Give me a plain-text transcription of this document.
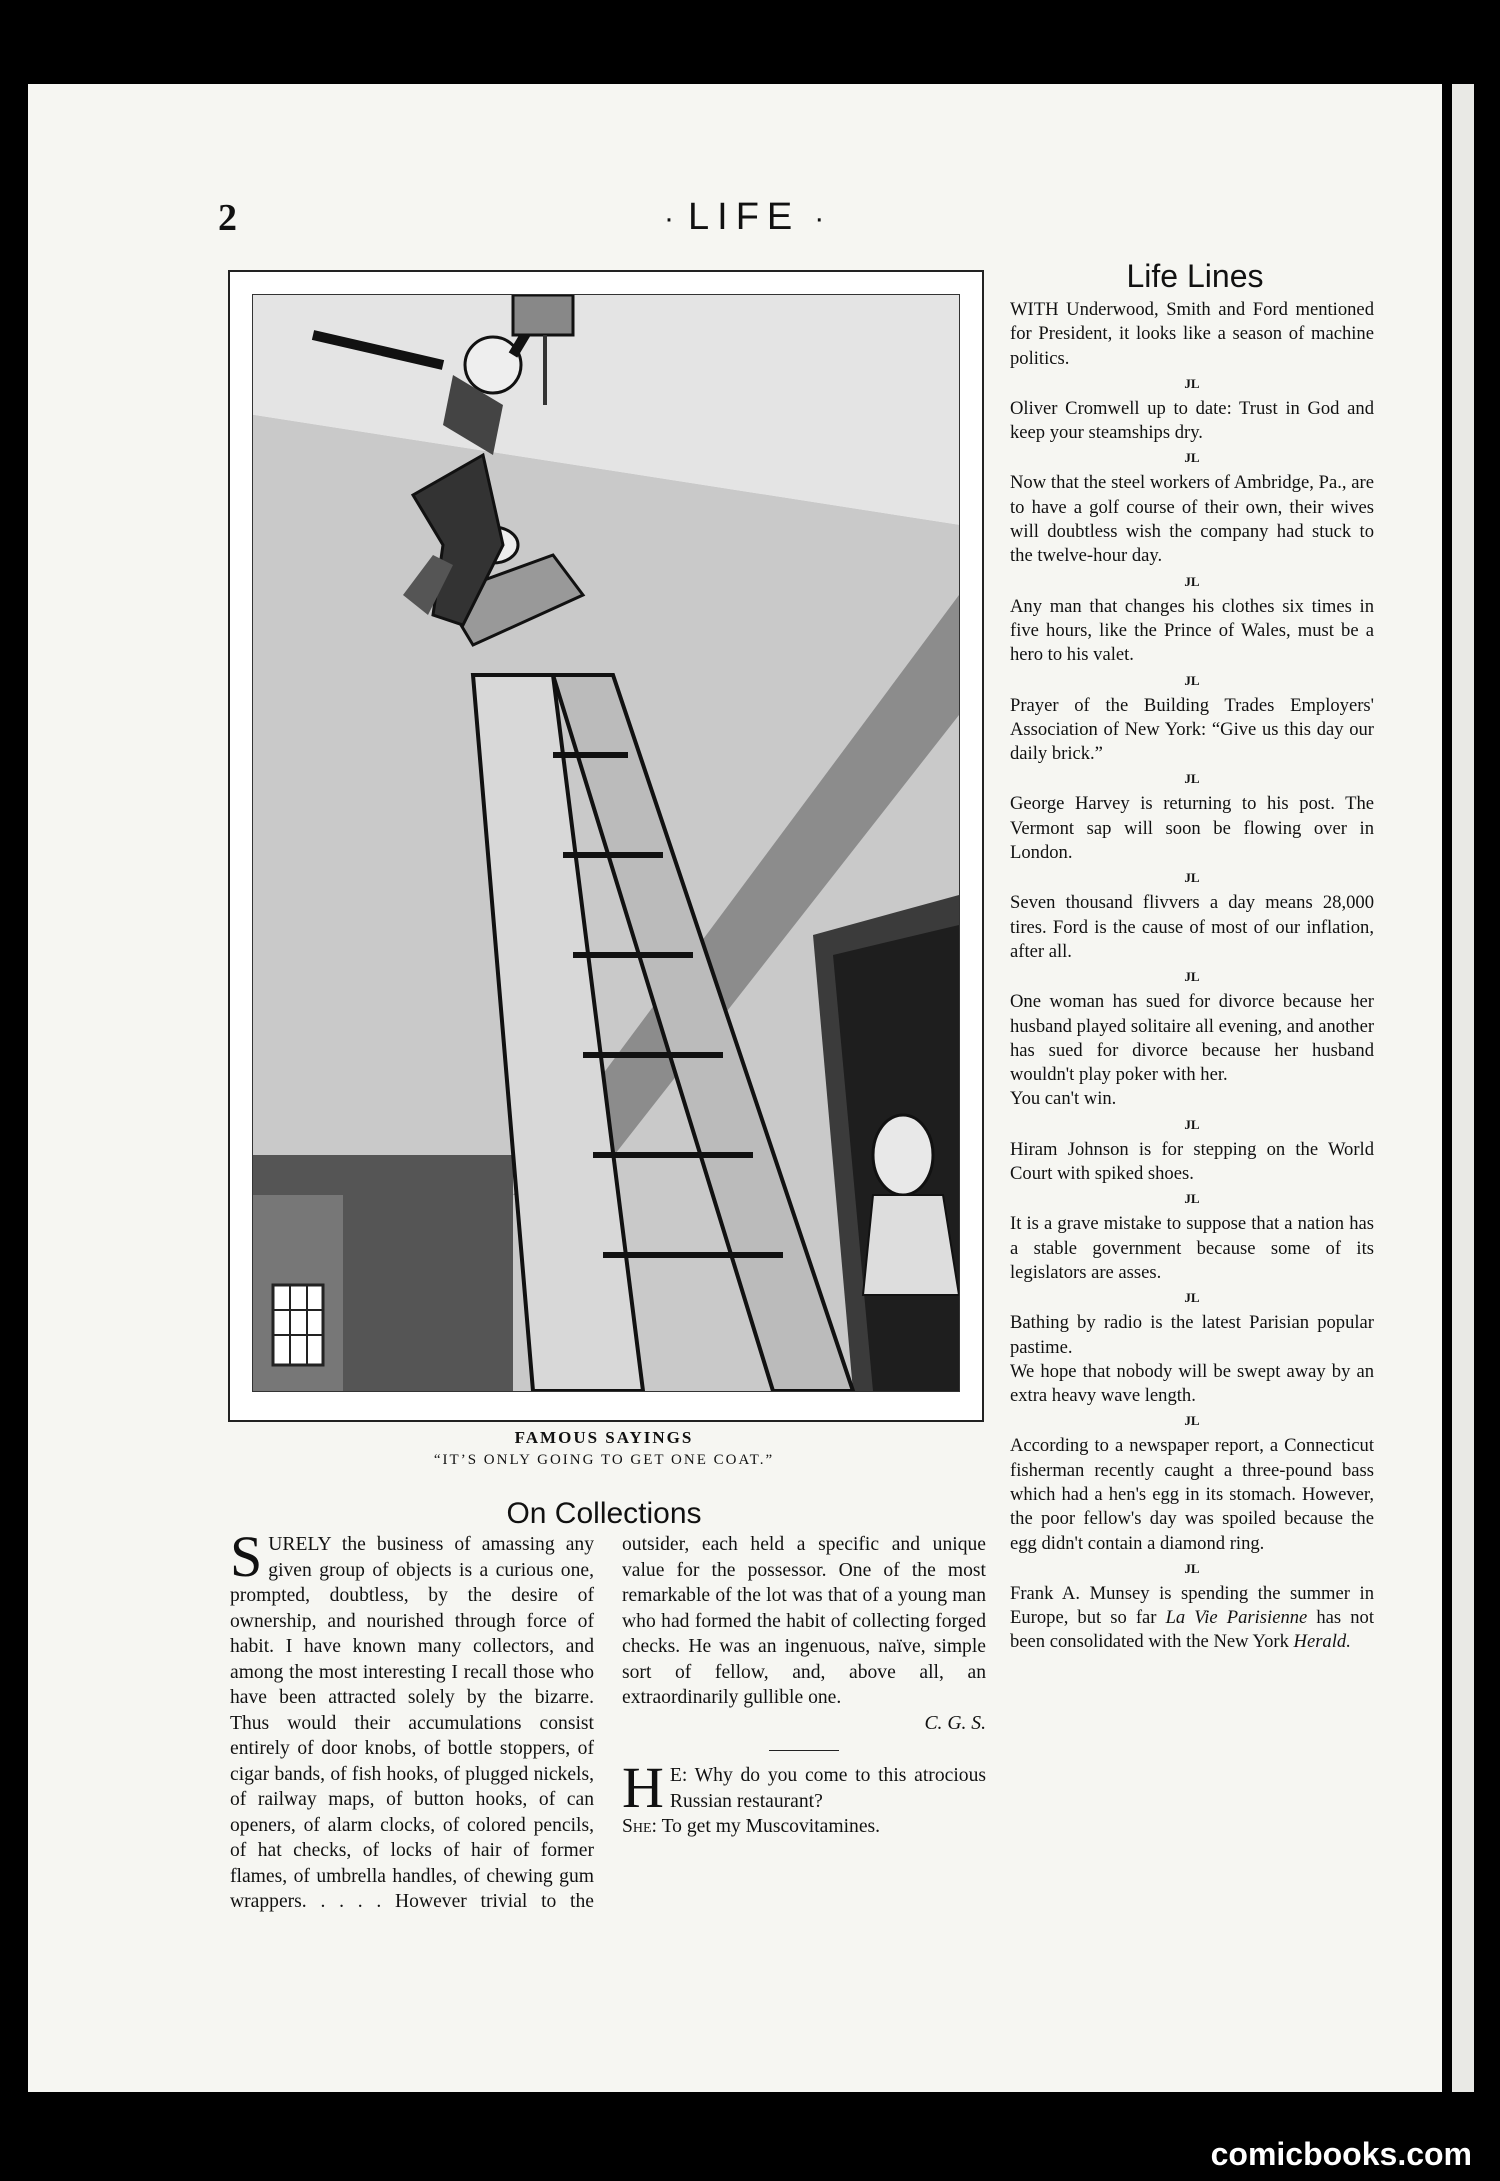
2	· LIFE ·
FAMOUS SAYINGS
“IT’S ONLY GOING TO GET ONE COAT.”
On Collections

SURELY the business of amassing any given group of objects is a curious one, prompted, doubtless, by the desire of ownership, and nourished through force of habit. I have known many collectors, and among the most interesting I recall those who have been attracted solely by the bizarre. Thus would their accumulations consist entirely of door knobs, of bottle stoppers, of cigar bands, of fish hooks, of plugged nickels, of railway maps, of button hooks, of can openers, of alarm clocks, of colored pencils, of hat checks, of locks of hair of former flames, of umbrella handles, of chewing gum wrappers. . . . . However trivial to the outsider, each held a specific and unique value for the possessor. One of the most remarkable of the lot was that of a young man who had formed the habit of collecting forged checks. He was an ingenuous, naïve, simple sort of fellow, and, above all, an extraordinarily gullible one.

C. G. S.

H E: Why do you come to this atrocious Russian restaurant?

She: To get my Muscovitamines.

Life Lines

WITH Underwood, Smith and Ford mentioned for President, it looks like a season of machine politics.

JL

Oliver Cromwell up to date: Trust in God and keep your steamships dry.

JL

Now that the steel workers of Ambridge, Pa., are to have a golf course of their own, their wives will doubtless wish the company had stuck to the twelve-hour day.

JL

Any man that changes his clothes six times in five hours, like the Prince of Wales, must be a hero to his valet.

JL

Prayer of the Building Trades Employers' Association of New York: “Give us this day our daily brick.”

JL

George Harvey is returning to his post. The Vermont sap will soon be flowing over in London.

JL

Seven thousand flivvers a day means 28,000 tires. Ford is the cause of most of our inflation, after all.

JL

One woman has sued for divorce because her husband played solitaire all evening, and another has sued for divorce because her husband wouldn't play poker with her.

You can't win.

JL

Hiram Johnson is for stepping on the World Court with spiked shoes.

JL

It is a grave mistake to suppose that a nation has a stable government because some of its legislators are asses.

JL

Bathing by radio is the latest Parisian popular pastime.

We hope that nobody will be swept away by an extra heavy wave length.

JL

According to a newspaper report, a Connecticut fisherman recently caught a three-pound bass which had a hen's egg in its stomach. However, the poor fellow's day was spoiled because the egg didn't contain a diamond ring.

JL

Frank A. Munsey is spending the summer in Europe, but so far La Vie Parisienne has not been consolidated with the New York Herald.

comicbooks.com
